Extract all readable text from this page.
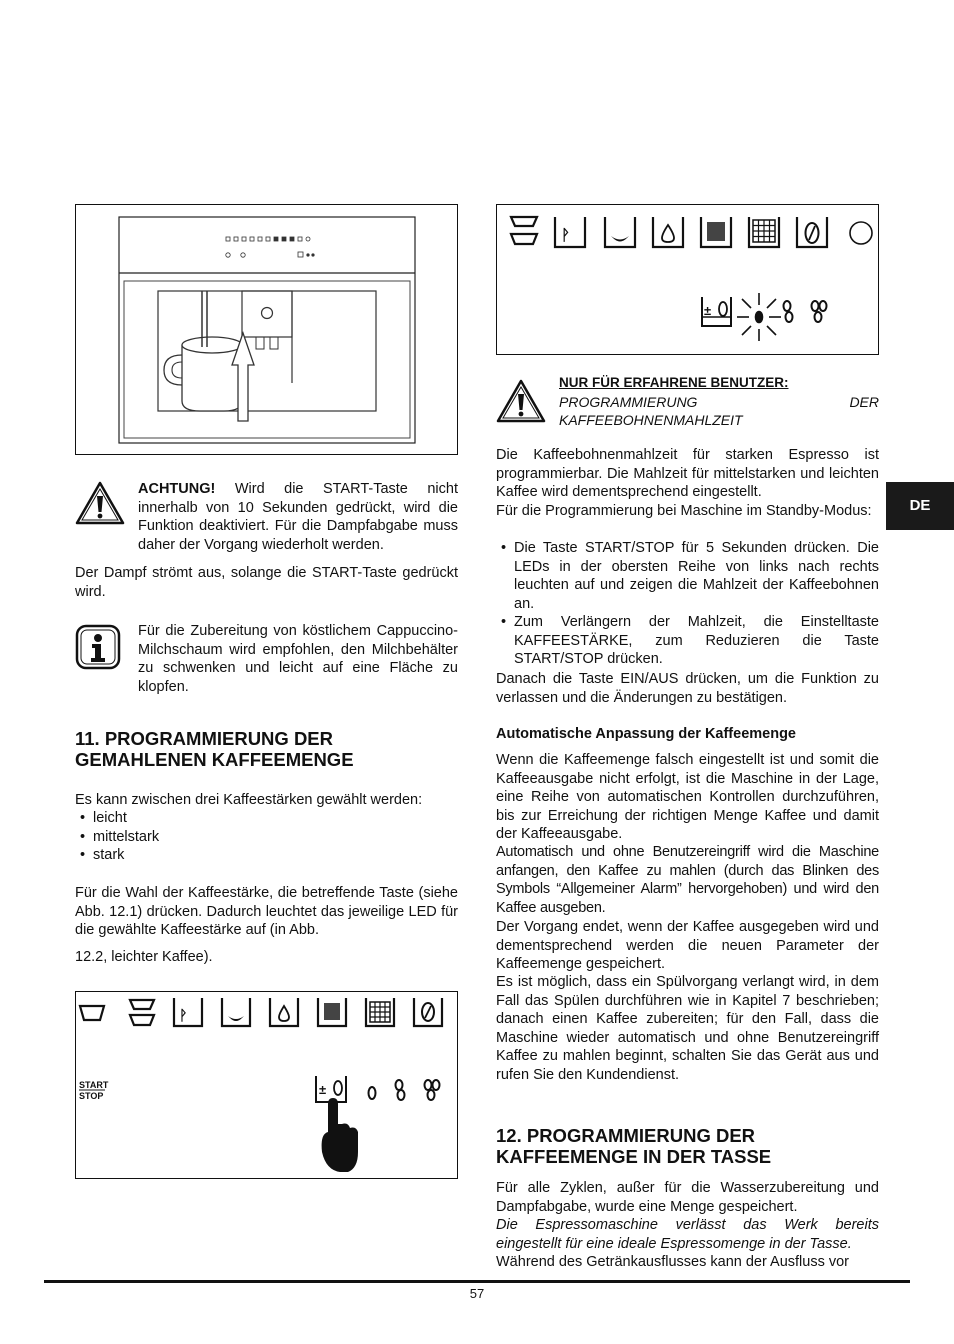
ACHTUNG! Wird die START-Taste nicht innerhalb von 10 Sekunden gedrückt, wird die Funktion deaktiviert. Für die Dampfabgabe muss daher der Vorgang wiederholt werden.

Der Dampf strömt aus, solange die START-Taste gedrückt wird.

Für die Zubereitung von köstlichem Cappuccino-Milchschaum wird empfohlen, den Milchbehälter zu schwenken und leicht auf eine Fläche zu klopfen.

11. PROGRAMMIERUNG DER GEMAHLENEN KAFFEEMENGE

Es kann zwischen drei Kaffeestärken gewählt werden:

• leicht
• mittelstark
• stark

Für die Wahl der Kaffeestärke, die betreffende Taste (siehe Abb. 12.1) drücken. Dadurch leuchtet das jeweilige LED für die gewählte Kaffeestärke auf (in Abb.

12.2, leichter Kaffee).

ᚹ
START
STOP	±
ᚹ
±
NUR FÜR ERFAHRENE BENUTZER:
PROGRAMMIERUNG	DER
KAFFEEBOHNENMAHLZEIT

Die Kaffeebohnenmahlzeit für starken Espresso ist programmierbar. Die Mahlzeit für mittelstarken und leichten Kaffee wird dementsprechend eingestellt.

Für die Programmierung bei Maschine im Standby-Modus:

• Die Taste START/STOP für 5 Sekunden drücken. Die LEDs in der obersten Reihe von links nach rechts leuchten auf und zeigen die Mahlzeit der Kaffeebohnen an.
• Zum Verlängern der Mahlzeit, die Einstelltaste KAFFEESTÄRKE, zum Reduzieren die Taste START/STOP drücken.

Danach die Taste EIN/AUS drücken, um die Funktion zu verlassen und die Änderungen zu bestätigen.

Automatische Anpassung der Kaffeemenge

Wenn die Kaffeemenge falsch eingestellt ist und somit die Kaffeeausgabe nicht erfolgt, ist die Maschine in der Lage, eine Reihe von automatischen Kontrollen durchzuführen, bis zur Erreichung der richtigen Menge Kaffee und damit der Kaffeeausgabe.

Automatisch und ohne Benutzereingriff wird die Maschine anfangen, den Kaffee zu mahlen (durch das Blinken des Symbols “Allgemeiner Alarm” hervorgehoben) und wird den Kaffee ausgeben.

Der Vorgang endet, wenn der Kaffee ausgegeben wird und dementsprechend werden die neuen Parameter der Kaffeemenge gespeichert.

Es ist möglich, dass ein Spülvorgang verlangt wird, in dem Fall das Spülen durchführen wie in Kapitel 7 beschrieben; danach einen Kaffee zubereiten; für den Fall, dass die Maschine wieder automatisch und ohne Benutzereingriff Kaffee zu mahlen beginnt, schalten Sie das Gerät aus und rufen Sie den Kundendienst.

12. PROGRAMMIERUNG DER KAFFEEMENGE IN DER TASSE

Für alle Zyklen, außer für die Wasserzubereitung und Dampfabgabe, wurde eine Menge gespeichert.

Die Espressomaschine verlässt das Werk bereits eingestellt für eine ideale Espressomenge in der Tasse.

Während des Getränkausflusses kann der Ausfluss vor

DE
57
